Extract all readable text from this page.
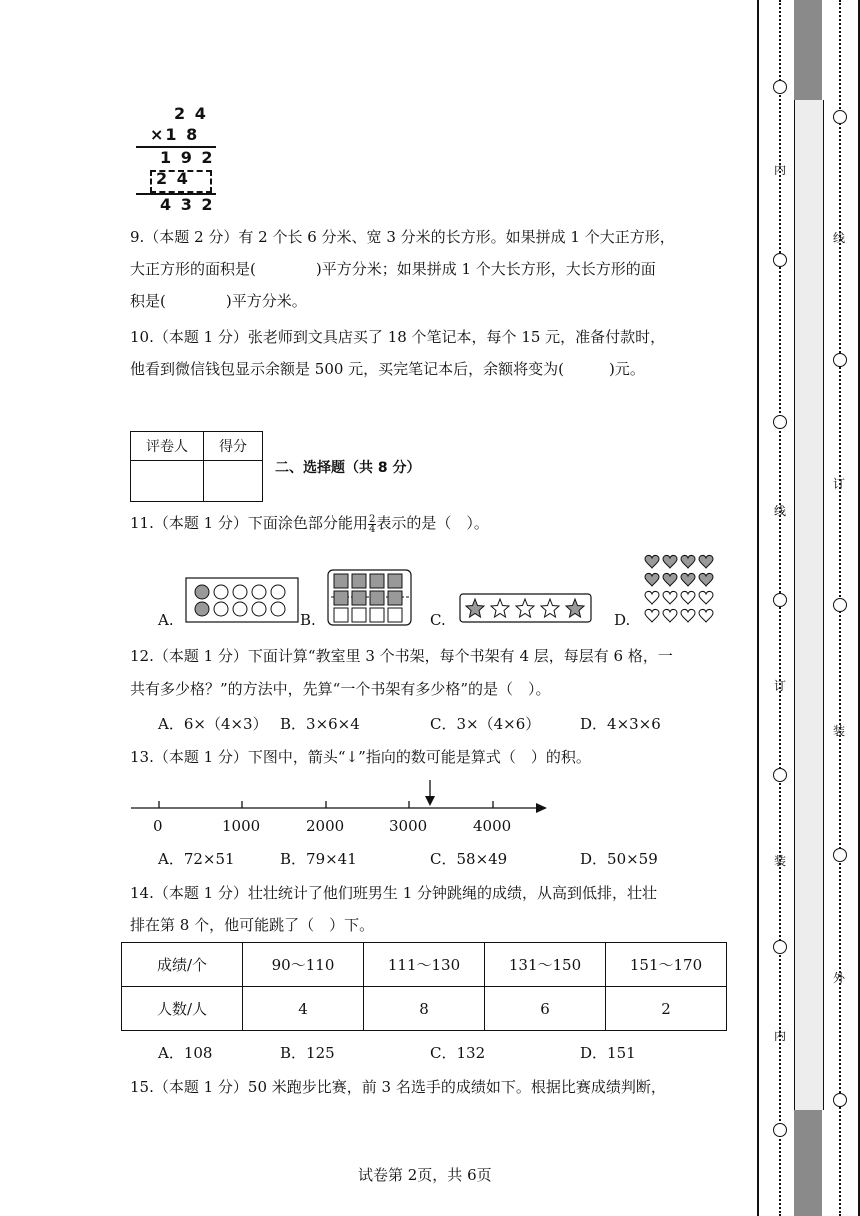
2 4
×1 8
1 9 2
2 4
4 3 2
9.（本题 2 分）有 2 个长 6 分米、宽 3 分米的长方形。如果拼成 1 个大正方形，
大正方形的面积是(　　　　)平方分米；如果拼成 1 个大长方形，大长方形的面
积是(　　　　)平方分米。
10.（本题 1 分）张老师到文具店买了 18 个笔记本，每个 15 元，准备付款时，
他看到微信钱包显示余额是 500 元，买完笔记本后，余额将变为(　　　)元。
评卷人	得分

二、选择题（共 8 分）
11.（本题 1 分）下面涂色部分能用 $\frac{2}{4}$ 表示的是（　）。
A.	B.	C.	D.
12.（本题 1 分）下面计算“教室里 3 个书架，每个书架有 4 层，每层有 6 格，一
共有多少格？”的方法中，先算“一个书架有多少格”的是（　）。
A．6×（4×3） B．3×6×4	C．3×（4×6）	D．4×3×6
13.（本题 1 分）下图中，箭头“↓”指向的数可能是算式（　）的积。
0	1000	2000	3000	4000
A．72×51	B．79×41	C．58×49	D．50×59
14.（本题 1 分）壮壮统计了他们班男生 1 分钟跳绳的成绩，从高到低排，壮壮
排在第 8 个，他可能跳了（　）下。
成绩/个	90～110	111～130	131～150	151～170
人数/人	4	8	6	2
A．108	B．125	C．132	D．151
15.（本题 1 分）50 米跑步比赛，前 3 名选手的成绩如下。根据比赛成绩判断，
试卷第 2页，共 6页
内
线
订
装
内
线
订
装
外
